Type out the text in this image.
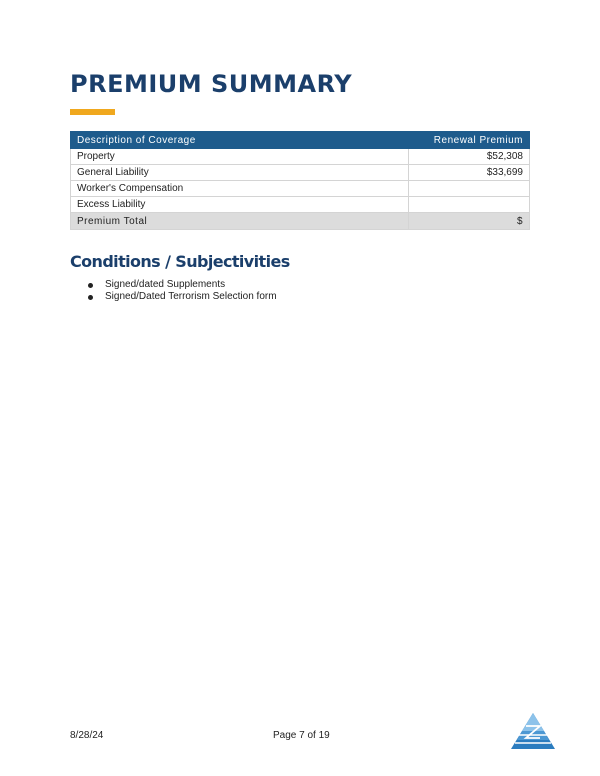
PREMIUM SUMMARY
Description of Coverage	Renewal Premium
Property	$52,308
General Liability	$33,699
Worker's Compensation	
Excess Liability	
Premium Total	$
Conditions / Subjectivities
Signed/dated Supplements
Signed/Dated Terrorism Selection form
8/28/24	Page 7 of 19
